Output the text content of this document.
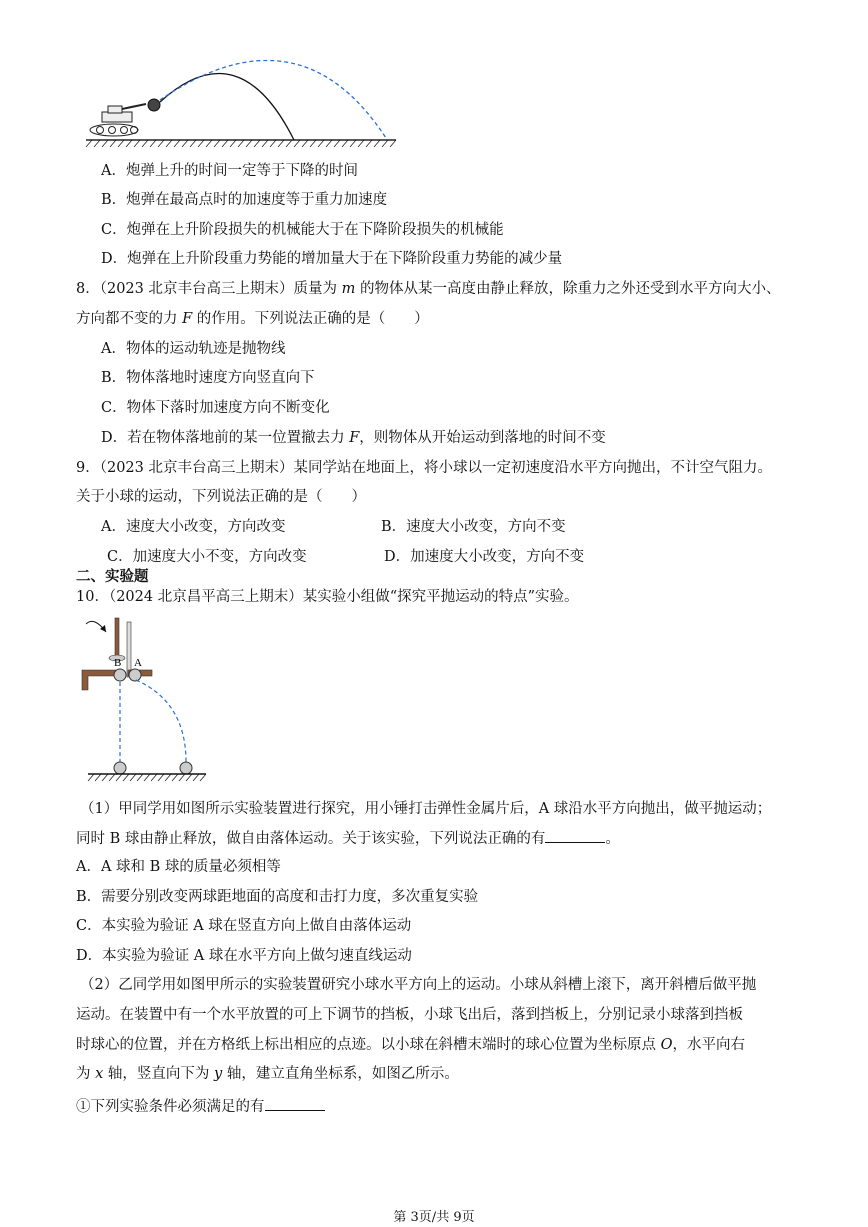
A．炮弹上升的时间一定等于下降的时间
B．炮弹在最高点时的加速度等于重力加速度
C．炮弹在上升阶段损失的机械能大于在下降阶段损失的机械能
D．炮弹在上升阶段重力势能的增加量大于在下降阶段重力势能的减少量
8．（2023 北京丰台高三上期末）质量为 m 的物体从某一高度由静止释放，除重力之外还受到水平方向大小、
方向都不变的力 F 的作用。下列说法正确的是（　　）
A．物体的运动轨迹是抛物线
B．物体落地时速度方向竖直向下
C．物体下落时加速度方向不断变化
D．若在物体落地前的某一位置撤去力 F，则物体从开始运动到落地的时间不变
9．（2023 北京丰台高三上期末）某同学站在地面上，将小球以一定初速度沿水平方向抛出，不计空气阻力。
关于小球的运动，下列说法正确的是（　　）
A．速度大小改变，方向改变	B．速度大小改变，方向不变
C．加速度大小不变，方向改变	D．加速度大小改变，方向不变
二、实验题
10．（2024 北京昌平高三上期末）某实验小组做“探究平抛运动的特点”实验。
B A
（1）甲同学用如图所示实验装置进行探究，用小锤打击弹性金属片后，A 球沿水平方向抛出，做平抛运动；
同时 B 球由静止释放，做自由落体运动。关于该实验，下列说法正确的有	。
A．A 球和 B 球的质量必须相等
B．需要分别改变两球距地面的高度和击打力度，多次重复实验
C．本实验为验证 A 球在竖直方向上做自由落体运动
D．本实验为验证 A 球在水平方向上做匀速直线运动
（2）乙同学用如图甲所示的实验装置研究小球水平方向上的运动。小球从斜槽上滚下，离开斜槽后做平抛
运动。在装置中有一个水平放置的可上下调节的挡板，小球飞出后，落到挡板上，分别记录小球落到挡板
时球心的位置，并在方格纸上标出相应的点迹。以小球在斜槽末端时的球心位置为坐标原点 O，水平向右
为 x 轴，竖直向下为 y 轴，建立直角坐标系，如图乙所示。
①下列实验条件必须满足的有
第 3页/共 9页
